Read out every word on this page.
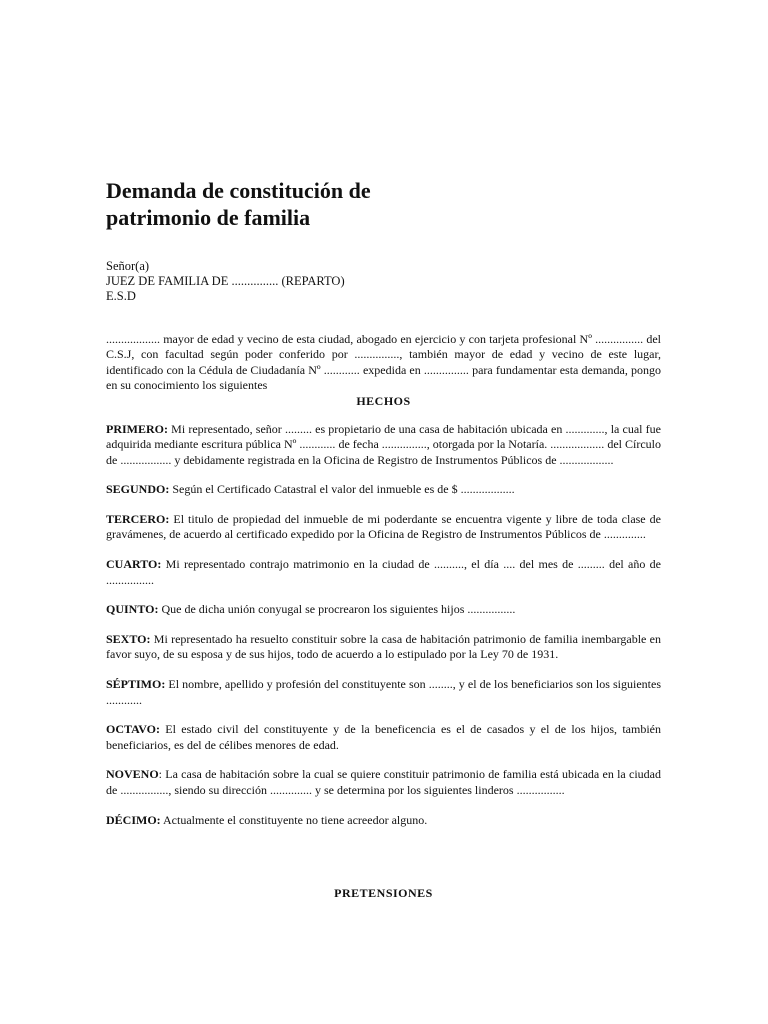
Demanda de constitución de
patrimonio de familia
Señor(a)
JUEZ DE FAMILIA DE ............... (REPARTO)
E.S.D

.................. mayor de edad y vecino de esta ciudad, abogado en ejercicio y con tarjeta profesional Nº ................ del C.S.J, con facultad según poder conferido por ..............., también mayor de edad y vecino de este lugar, identificado con la Cédula de Ciudadanía Nº ............ expedida en ............... para fundamentar esta demanda, pongo en su conocimiento los siguientes

HECHOS

PRIMERO: Mi representado, señor ......... es propietario de una casa de habitación ubicada en ............., la cual fue adquirida mediante escritura pública Nº ............ de fecha ..............., otorgada por la Notaría. .................. del Círculo de ................. y debidamente registrada en la Oficina de Registro de Instrumentos Públicos de ..................

SEGUNDO: Según el Certificado Catastral el valor del inmueble es de $ ..................

TERCERO: El titulo de propiedad del inmueble de mi poderdante se encuentra vigente y libre de toda clase de gravámenes, de acuerdo al certificado expedido por la Oficina de Registro de Instrumentos Públicos de ..............

CUARTO: Mi representado contrajo matrimonio en la ciudad de .........., el día .... del mes de ......... del año de ................

QUINTO: Que de dicha unión conyugal se procrearon los siguientes hijos ................

SEXTO: Mi representado ha resuelto constituir sobre la casa de habitación patrimonio de familia inembargable en favor suyo, de su esposa y de sus hijos, todo de acuerdo a lo estipulado por la Ley 70 de 1931.

SÉPTIMO: El nombre, apellido y profesión del constituyente son ........, y el de los beneficiarios son los siguientes ............

OCTAVO: El estado civil del constituyente y de la beneficencia es el de casados y el de los hijos, también beneficiarios, es del de célibes menores de edad.

NOVENO: La casa de habitación sobre la cual se quiere constituir patrimonio de familia está ubicada en la ciudad de ................, siendo su dirección .............. y se determina por los siguientes linderos ................

DÉCIMO: Actualmente el constituyente no tiene acreedor alguno.

PRETENSIONES
